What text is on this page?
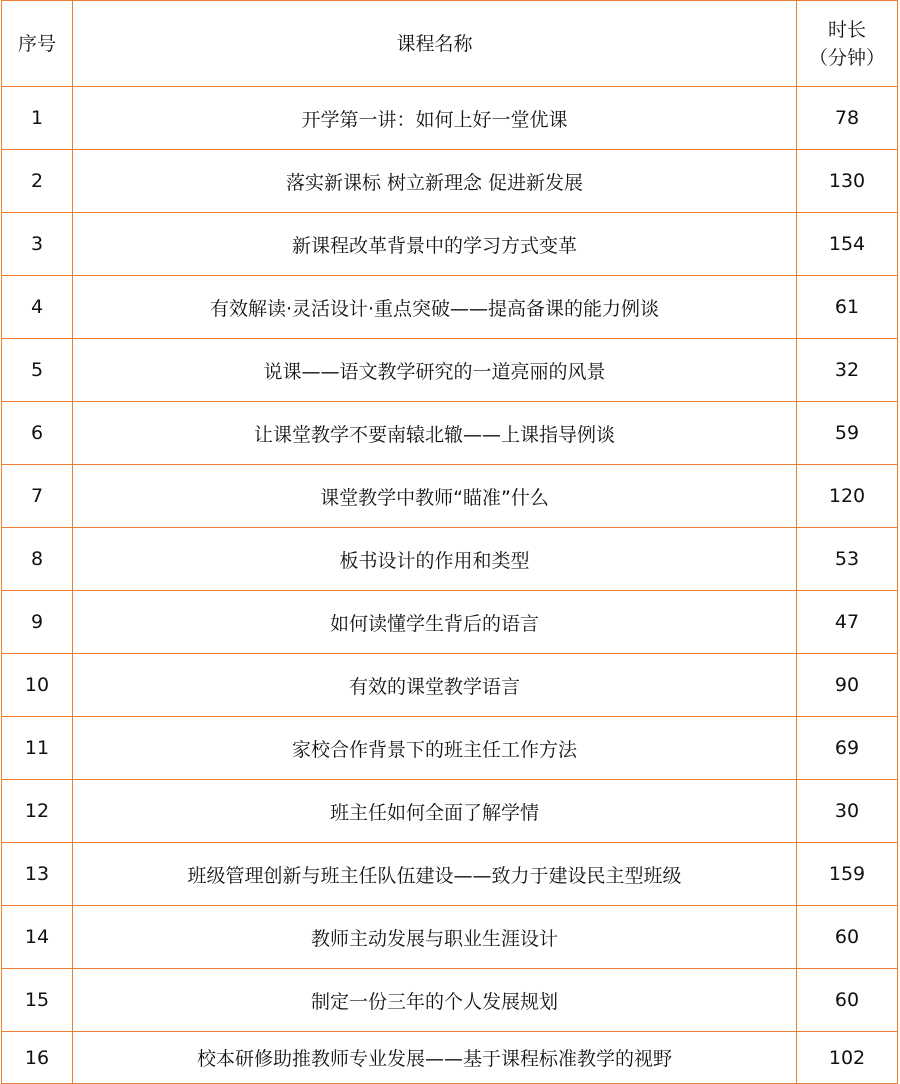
序号	课程名称	时长
（分钟）

1	开学第一讲：如何上好一堂优课	78
2	落实新课标 树立新理念 促进新发展	130
3	新课程改革背景中的学习方式变革	154
4	有效解读·灵活设计·重点突破——提高备课的能力例谈	61
5	说课——语文教学研究的一道亮丽的风景	32
6	让课堂教学不要南辕北辙——上课指导例谈	59
7	课堂教学中教师“瞄准”什么	120
8	板书设计的作用和类型	53
9	如何读懂学生背后的语言	47
10	有效的课堂教学语言	90
11	家校合作背景下的班主任工作方法	69
12	班主任如何全面了解学情	30
13	班级管理创新与班主任队伍建设——致力于建设民主型班级	159
14	教师主动发展与职业生涯设计	60
15	制定一份三年的个人发展规划	60
16	校本研修助推教师专业发展——基于课程标准教学的视野	102
